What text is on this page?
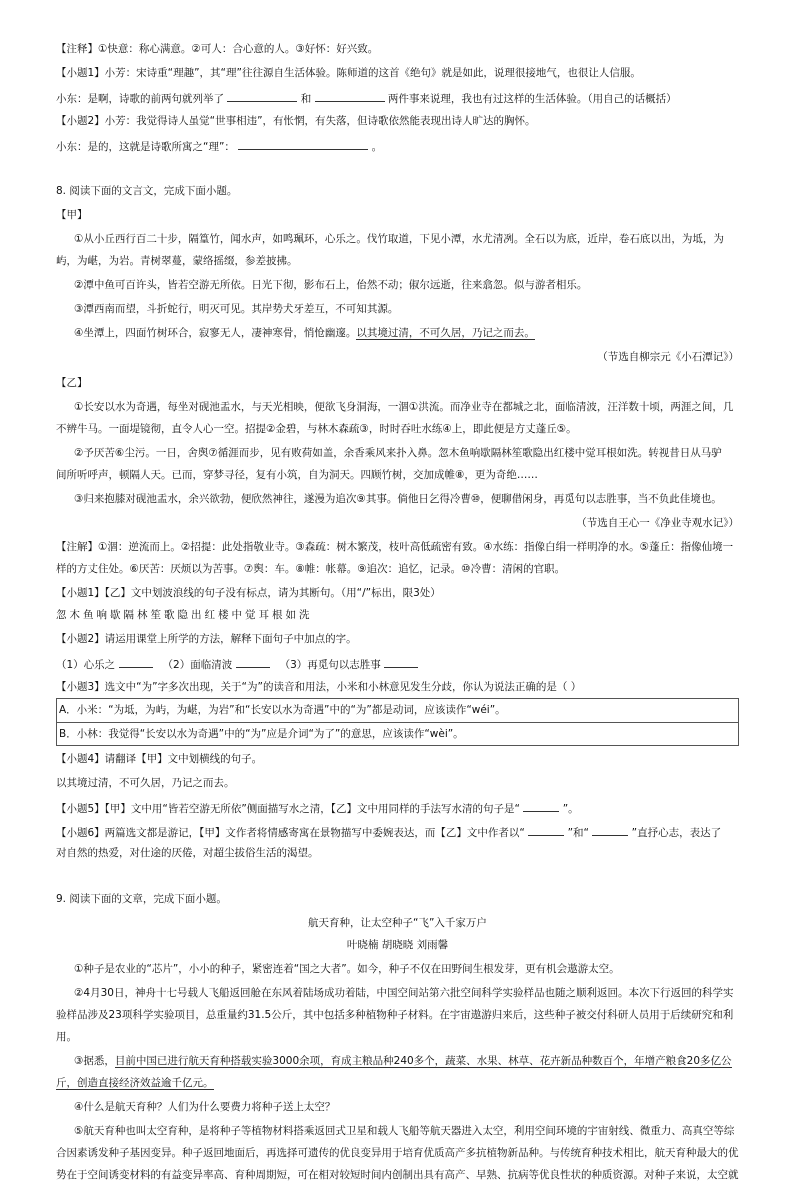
【注释】①快意：称心满意。②可人：合心意的人。③好怀：好兴致。
【小题1】小芳：宋诗重“理趣”，其“理”往往源自生活体验。陈师道的这首《绝句》就是如此，说理很接地气，也很让人信服。
小东：是啊，诗歌的前两句就列举了	和	两件事来说理，我也有过这样的生活体验。（用自己的话概括）
【小题2】小芳：我觉得诗人虽觉“世事相违”，有怅惘，有失落，但诗歌依然能表现出诗人旷达的胸怀。
小东：是的，这就是诗歌所寓之“理”：	。
8. 阅读下面的文言文，完成下面小题。
【甲】
①从小丘西行百二十步，隔篁竹，闻水声，如鸣珮环，心乐之。伐竹取道，下见小潭，水尤清冽。全石以为底，近岸，卷石底以出，为坻，为
屿，为嵁，为岩。青树翠蔓，蒙络摇缀，参差披拂。
②潭中鱼可百许头，皆若空游无所依。日光下彻，影布石上，佁然不动；俶尔远逝，往来翕忽。似与游者相乐。
③潭西南而望，斗折蛇行，明灭可见。其岸势犬牙差互，不可知其源。
④坐潭上，四面竹树环合，寂寥无人，凄神寒骨，悄怆幽邃。以其境过清，不可久居，乃记之而去。
（节选自柳宗元《小石潭记》）
【乙】
①长安以水为奇遇，每坐对砚池盂水，与天光相映，便欲飞身洞海，一涸①洪流。而净业寺在都城之北，面临清波，汪洋数十顷，两涯之间，几
不辨牛马。一面堤镜彻，直令人心一空。招提②金碧，与林木森疏③，时时吞吐水练④上，即此便是方丈蓬丘⑤。
②予厌苦⑥尘污。一日，舍舆⑦循涯而步，见有败荷如盖，余香乘风来扑入鼻。忽木鱼响歇隔林笙歌隐出红楼中觉耳根如洗。转视昔日从马驴
间所听呼声，顿隔人天。已而，穿梦寻径，复有小筑，自为洞天。四顾竹树，交加成帷⑧，更为奇绝……
③归来抱膝对砚池盂水，余兴欲勃，便欣然神往，遂漫为追次⑨其事。倘他日乞得冷曹⑩，便聊借闲身，再觅句以志胜事，当不负此佳境也。
（节选自王心一《净业寺观水记》）
【注解】①涸：逆流而上。②招提：此处指敬业寺。③森疏：树木繁茂，枝叶高低疏密有致。④水练：指像白绢一样明净的水。⑤蓬丘：指像仙境一
样的方丈住处。⑥厌苦：厌烦以为苦事。⑦舆：车。⑧帷：帐幕。⑨追次：追忆，记录。⑩冷曹：清闲的官职。
【小题1】【乙】文中划波浪线的句子没有标点，请为其断句。（用“/”标出，限3处）
忽木鱼响歇隔林笙歌隐出红楼中觉耳根如洗
【小题2】请运用课堂上所学的方法，解释下面句子中加点的字。
（1）心乐之	（2）面临清波	（3）再觅句以志胜事
【小题3】选文中“为”字多次出现，关于“为”的读音和用法，小米和小林意见发生分歧，你认为说法正确的是（ ）
A．小米：“为坻，为屿，为嵁，为岩”和“长安以水为奇遇”中的“为”都是动词，应该读作“wéi”。
B．小林：我觉得“长安以水为奇遇”中的“为”应是介词“为了”的意思，应该读作“wèi”。
【小题4】请翻译【甲】文中划横线的句子。
以其境过清，不可久居，乃记之而去。
【小题5】【甲】文中用“皆若空游无所依”侧面描写水之清，【乙】文中用同样的手法写水清的句子是“	”。
【小题6】两篇选文都是游记，【甲】文作者将情感寄寓在景物描写中委婉表达，而【乙】文中作者以“	”和“	”直抒心志，表达了
对自然的热爱，对仕途的厌倦，对超尘拔俗生活的渴望。
9. 阅读下面的文章，完成下面小题。
航天育种，让太空种子“飞”入千家万户
叶晓楠 胡晓晓 刘雨馨
①种子是农业的“芯片”，小小的种子，紧密连着“国之大者”。如今，种子不仅在田野间生根发芽，更有机会遨游太空。
②4月30日，神舟十七号载人飞船返回舱在东风着陆场成功着陆，中国空间站第六批空间科学实验样品也随之顺利返回。本次下行返回的科学实
验样品涉及23项科学实验项目，总重量约31.5公斤，其中包括多种植物种子材料。在宇宙遨游归来后，这些种子被交付科研人员用于后续研究和利
用。
③据悉，目前中国已进行航天育种搭载实验3000余项，育成主粮品种240多个，蔬菜、水果、林草、花卉新品种数百个，年增产粮食20多亿公
斤，创造直接经济效益逾千亿元。
④什么是航天育种？人们为什么要费力将种子送上太空？
⑤航天育种也叫太空育种，是将种子等植物材料搭乘返回式卫星和载人飞船等航天器进入太空，利用空间环境的宇宙射线、微重力、高真空等综
合因素诱发种子基因变异。种子返回地面后，再选择可遗传的优良变异用于培育优质高产多抗植物新品种。与传统育种技术相比，航天育种最大的优
势在于空间诱变材料的有益变异率高、育种周期短，可在相对较短时间内创制出具有高产、早熟、抗病等优良性状的种质资源。对种子来说，太空就
